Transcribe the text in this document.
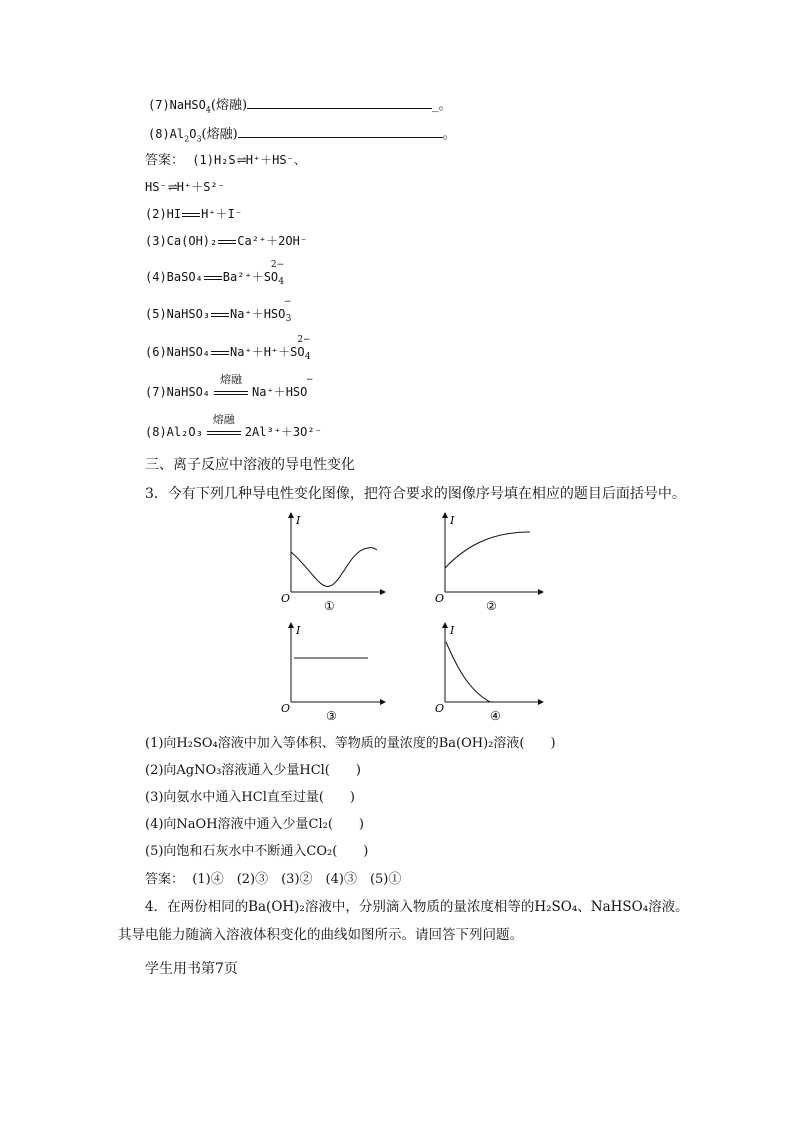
(7)NaHSO$_4$(熔融)	_。
$(8)Al_2O_3$(熔融)	。
答案： (1)H₂S⇌H⁺＋HS⁻、
HS⁻⇌H⁺＋S²⁻
(2)HI H⁺＋I⁻
(3)Ca(OH)₂ Ca²⁺＋2OH⁻
(4)BaSO₄ Ba²⁺＋SO
2−
4
(5)NaHSO₃ Na⁺＋HSO
−
3
(6)NaHSO₄ Na⁺＋H⁺＋SO
2−
4
(7)NaHSO₄
熔融
Na⁺＋HSO
−
(8)Al₂O₃
熔融
2Al³⁺＋3O²⁻
三、离子反应中溶液的导电性变化
3．今有下列几种导电性变化图像，把符合要求的图像序号填在相应的题目后面括号中。
I
O
①
I
O
②
I
O
③
I
O
④
(1)向H₂SO₄溶液中加入等体积、等物质的量浓度的Ba(OH)₂溶液(　　)
(2)向AgNO₃溶液通入少量HCl(　　)
(3)向氨水中通入HCl直至过量(　　)
(4)向NaOH溶液中通入少量Cl₂(　　)
(5)向饱和石灰水中不断通入CO₂(　　)
答案： (1)④　(2)③　(3)②　(4)③　(5)①
4．在两份相同的Ba(OH)₂溶液中，分别滴入物质的量浓度相等的H₂SO₄、NaHSO₄溶液。
其导电能力随滴入溶液体积变化的曲线如图所示。请回答下列问题。
学生用书第7页
